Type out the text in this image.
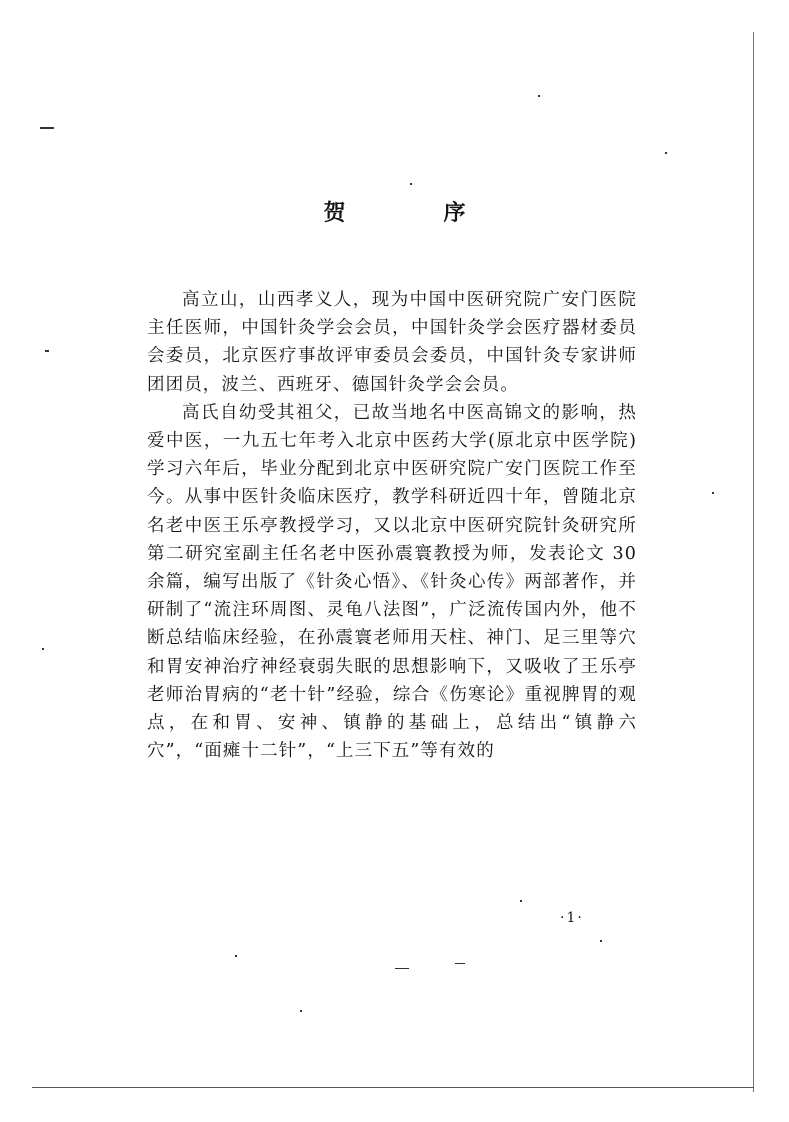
贺　序

高立山，山西孝义人，现为中国中医研究院广安门医院主任医师，中国针灸学会会员，中国针灸学会医疗器材委员会委员，北京医疗事故评审委员会委员，中国针灸专家讲师团团员，波兰、西班牙、德国针灸学会会员。

高氏自幼受其祖父，已故当地名中医高锦文的影响，热爱中医，一九五七年考入北京中医药大学(原北京中医学院)学习六年后，毕业分配到北京中医研究院广安门医院工作至今。从事中医针灸临床医疗，教学科研近四十年，曾随北京名老中医王乐亭教授学习，又以北京中医研究院针灸研究所第二研究室副主任名老中医孙震寰教授为师，发表论文 30 余篇，编写出版了《针灸心悟》、《针灸心传》两部著作，并研制了“流注环周图、灵龟八法图”，广泛流传国内外，他不断总结临床经验，在孙震寰老师用天柱、神门、足三里等穴和胃安神治疗神经衰弱失眠的思想影响下，又吸收了王乐亭老师治胃病的“老十针”经验，综合《伤寒论》重视脾胃的观点，在和胃、安神、镇静的基础上，总结出“镇静六穴”，“面瘫十二针”，“上三下五”等有效的

·1·
